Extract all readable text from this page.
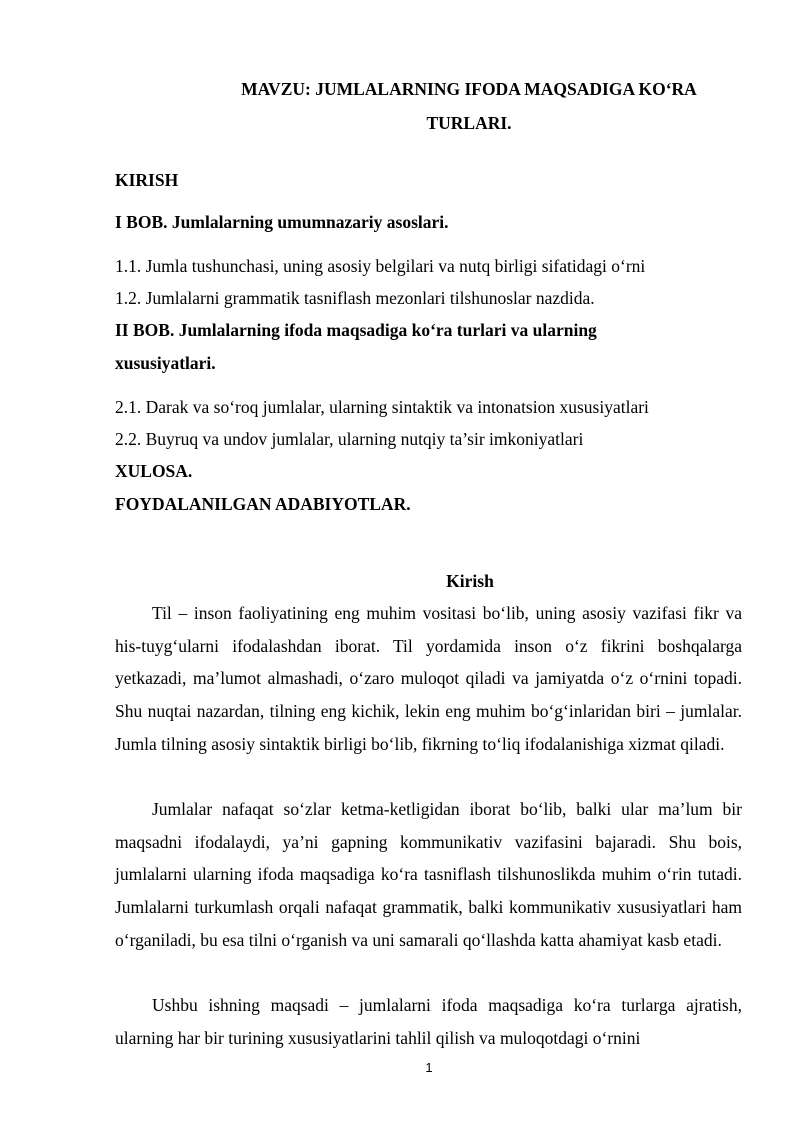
MAVZU: JUMLALARNING IFODA MAQSADIGA KO‘RA
TURLARI.
KIRISH
I BOB. Jumlalarning umumnazariy asoslari.
1.1. Jumla tushunchasi, uning asosiy belgilari va nutq birligi sifatidagi o‘rni
1.2. Jumlalarni grammatik tasniflash mezonlari tilshunoslar nazdida.
II BOB. Jumlalarning ifoda maqsadiga ko‘ra turlari va ularning
xususiyatlari.
2.1. Darak va so‘roq jumlalar, ularning sintaktik va intonatsion xususiyatlari
2.2. Buyruq va undov jumlalar, ularning nutqiy ta’sir imkoniyatlari
XULOSA.
FOYDALANILGAN ADABIYOTLAR.
Kirish

Til – inson faoliyatining eng muhim vositasi bo‘lib, uning asosiy vazifasi fikr va his-tuyg‘ularni ifodalashdan iborat. Til yordamida inson o‘z fikrini boshqalarga yetkazadi, ma’lumot almashadi, o‘zaro muloqot qiladi va jamiyatda o‘z o‘rnini topadi. Shu nuqtai nazardan, tilning eng kichik, lekin eng muhim bo‘g‘inlaridan biri – jumlalar. Jumla tilning asosiy sintaktik birligi bo‘lib, fikrning to‘liq ifodalanishiga xizmat qiladi.

Jumlalar nafaqat so‘zlar ketma-ketligidan iborat bo‘lib, balki ular ma’lum bir maqsadni ifodalaydi, ya’ni gapning kommunikativ vazifasini bajaradi. Shu bois, jumlalarni ularning ifoda maqsadiga ko‘ra tasniflash tilshunoslikda muhim o‘rin tutadi. Jumlalarni turkumlash orqali nafaqat grammatik, balki kommunikativ xususiyatlari ham o‘rganiladi, bu esa tilni o‘rganish va uni samarali qo‘llashda katta ahamiyat kasb etadi.

Ushbu ishning maqsadi – jumlalarni ifoda maqsadiga ko‘ra turlarga ajratish, ularning har bir turining xususiyatlarini tahlil qilish va muloqotdagi o‘rnini

1
